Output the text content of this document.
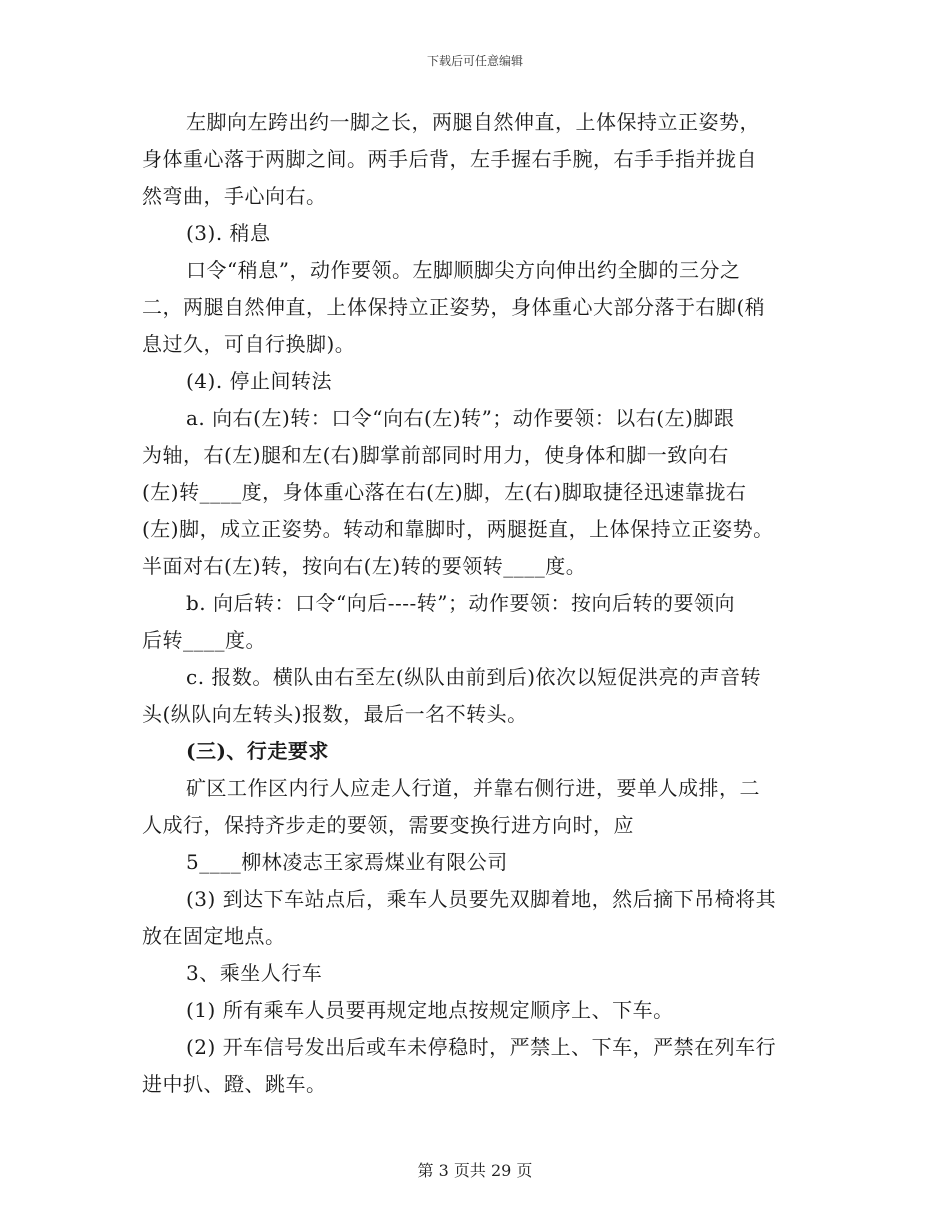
下载后可任意编辑
左脚向左跨出约一脚之长，两腿自然伸直，上体保持立正姿势，
身体重心落于两脚之间。两手后背，左手握右手腕，右手手指并拢自
然弯曲，手心向右。
(3). 稍息
口令“稍息”，动作要领。左脚顺脚尖方向伸出约全脚的三分之
二，两腿自然伸直，上体保持立正姿势，身体重心大部分落于右脚(稍
息过久，可自行换脚)。
(4). 停止间转法
a. 向右(左)转：口令“向右(左)转”；动作要领：以右(左)脚跟
为轴，右(左)腿和左(右)脚掌前部同时用力，使身体和脚一致向右
(左)转____度，身体重心落在右(左)脚，左(右)脚取捷径迅速靠拢右
(左)脚，成立正姿势。转动和靠脚时，两腿挺直，上体保持立正姿势。
半面对右(左)转，按向右(左)转的要领转____度。
b. 向后转：口令“向后----转”；动作要领：按向后转的要领向
后转____度。
c. 报数。横队由右至左(纵队由前到后)依次以短促洪亮的声音转
头(纵队向左转头)报数，最后一名不转头。
(三)、行走要求
矿区工作区内行人应走人行道，并靠右侧行进，要单人成排，二
人成行，保持齐步走的要领，需要变换行进方向时，应
5____柳林凌志王家焉煤业有限公司
(3) 到达下车站点后，乘车人员要先双脚着地，然后摘下吊椅将其
放在固定地点。
3、乘坐人行车
(1) 所有乘车人员要再规定地点按规定顺序上、下车。
(2) 开车信号发出后或车未停稳时，严禁上、下车，严禁在列车行
进中扒、蹬、跳车。
第 3 页共 29 页
